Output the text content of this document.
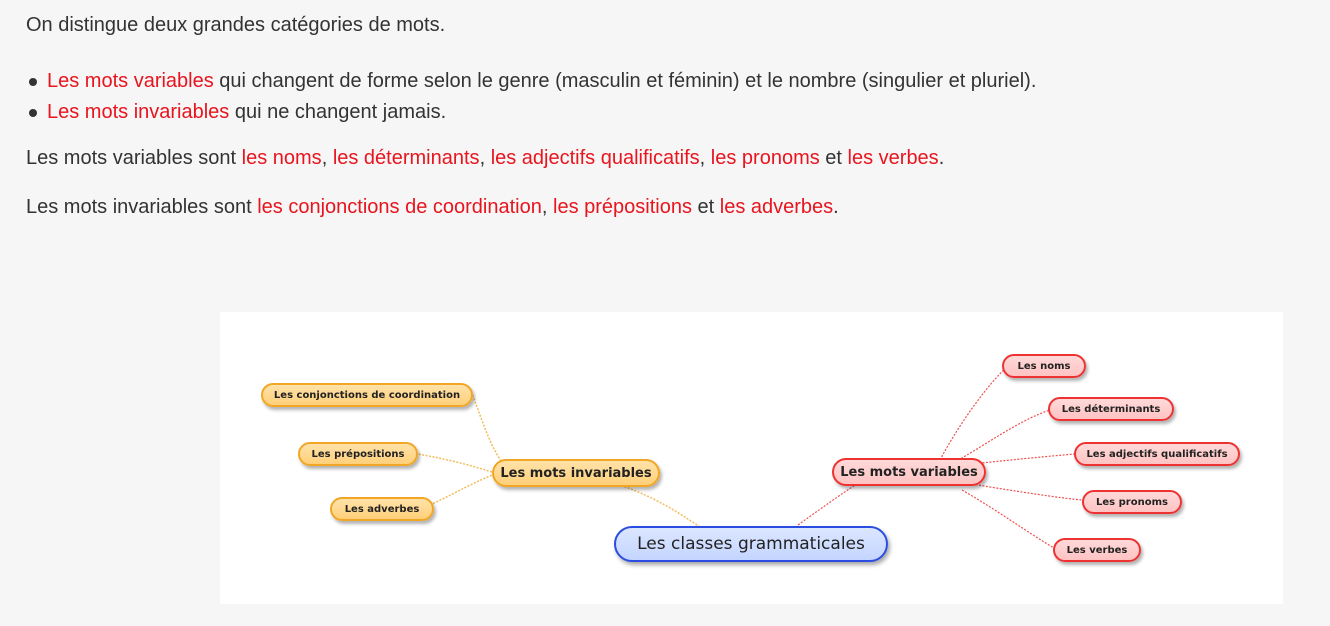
On distingue deux grandes catégories de mots.
Les mots variables qui changent de forme selon le genre (masculin et féminin) et le nombre (singulier et pluriel).
Les mots invariables qui ne changent jamais.
Les mots variables sont les noms, les déterminants, les adjectifs qualificatifs, les pronoms et les verbes.
Les mots invariables sont les conjonctions de coordination, les prépositions et les adverbes.
Les classes grammaticales
Les mots invariables
Les conjonctions de coordination
Les prépositions
Les adverbes
Les mots variables
Les noms
Les déterminants
Les adjectifs qualificatifs
Les pronoms
Les verbes
